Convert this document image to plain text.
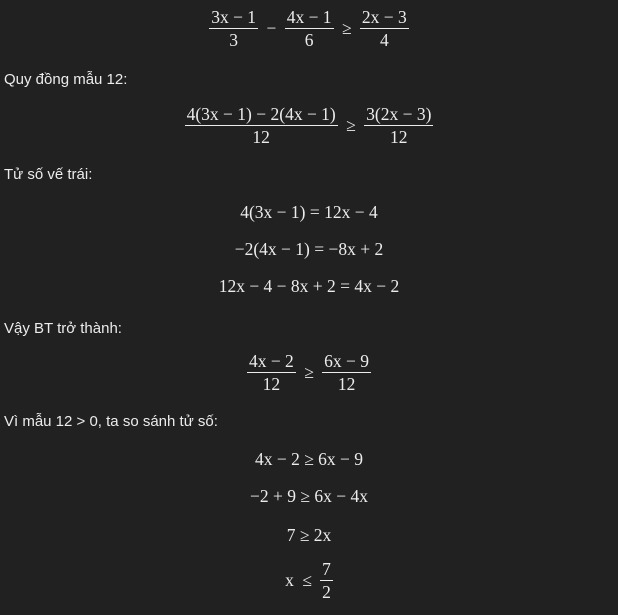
$\frac{3x - 1}{3} - \frac{4x - 1}{6} \ge \frac{2x - 3}{4}$
Quy đồng mẫu 12:
$\frac{4(3x - 1) - 2(4x - 1)}{12} \ge \frac{3(2x - 3)}{12}$
Tử số vế trái:
4(3x − 1) = 12x − 4
−2(4x − 1) = −8x + 2
12x − 4 − 8x + 2 = 4x − 2
Vậy BT trở thành:
$\frac{4x - 2}{12} \ge \frac{6x - 9}{12}$
Vì mẫu 12 > 0, ta so sánh tử số:
4x − 2 ≥ 6x − 9
−2 + 9 ≥ 6x − 4x
7 ≥ 2x
$x \le \frac{7}{2}$
